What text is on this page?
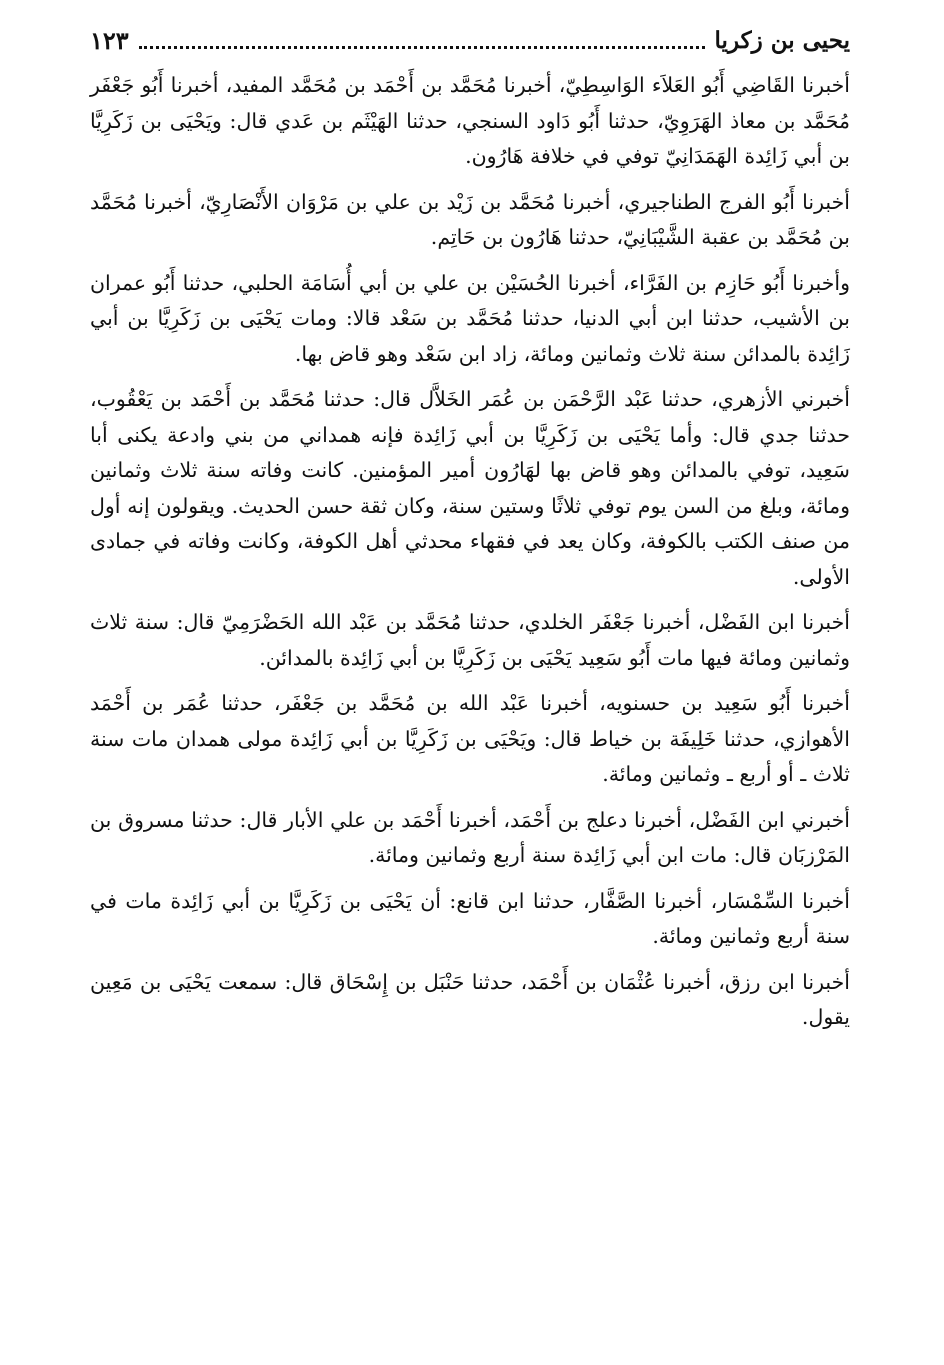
يحيى بن زكريا
١٢٣

أخبرنا القَاضِي أَبُو العَلاَء الوَاسِطِيّ، أخبرنا مُحَمَّد بن أَحْمَد بن مُحَمَّد المفيد، أخبرنا أَبُو جَعْفَر مُحَمَّد بن معاذ الهَرَوِيّ، حدثنا أَبُو دَاود السنجي، حدثنا الهَيْثَم بن عَدي قال: ويَحْيَى بن زَكَرِيَّا بن أبي زَائِدة الهَمَدَانِيّ توفي في خلافة هَارُون.

أخبرنا أَبُو الفرج الطناجيري، أخبرنا مُحَمَّد بن زَيْد بن علي بن مَرْوَان الأَنْصَارِيّ، أخبرنا مُحَمَّد بن مُحَمَّد بن عقبة الشَّيْبَانِيّ، حدثنا هَارُون بن حَاتِم.

وأخبرنا أَبُو حَازِم بن الفَرَّاء، أخبرنا الحُسَيْن بن علي بن أبي أُسَامَة الحلبي، حدثنا أَبُو عمران بن الأشيب، حدثنا ابن أبي الدنيا، حدثنا مُحَمَّد بن سَعْد قالا: ومات يَحْيَى بن زَكَرِيَّا بن أبي زَائِدة بالمدائن سنة ثلاث وثمانين ومائة، زاد ابن سَعْد وهو قاض بها.

أخبرني الأزهري، حدثنا عَبْد الرَّحْمَن بن عُمَر الخَلاَّل قال: حدثنا مُحَمَّد بن أَحْمَد بن يَعْقُوب، حدثنا جدي قال: وأما يَحْيَى بن زَكَرِيَّا بن أبي زَائِدة فإنه همداني من بني وادعة يكنى أبا سَعِيد، توفي بالمدائن وهو قاض بها لهَارُون أمير المؤمنين. كانت وفاته سنة ثلاث وثمانين ومائة، وبلغ من السن يوم توفي ثلاثًا وستين سنة، وكان ثقة حسن الحديث. ويقولون إنه أول من صنف الكتب بالكوفة، وكان يعد في فقهاء محدثي أهل الكوفة، وكانت وفاته في جمادى الأولى.

أخبرنا ابن الفَضْل، أخبرنا جَعْفَر الخلدي، حدثنا مُحَمَّد بن عَبْد الله الحَضْرَمِيّ قال: سنة ثلاث وثمانين ومائة فيها مات أَبُو سَعِيد يَحْيَى بن زَكَرِيَّا بن أبي زَائِدة بالمدائن.

أخبرنا أَبُو سَعِيد بن حسنويه، أخبرنا عَبْد الله بن مُحَمَّد بن جَعْفَر، حدثنا عُمَر بن أَحْمَد الأهوازي، حدثنا خَلِيفَة بن خياط قال: ويَحْيَى بن زَكَرِيَّا بن أبي زَائِدة مولى همدان مات سنة ثلاث ـ أو أربع ـ وثمانين ومائة.

أخبرني ابن الفَضْل، أخبرنا دعلج بن أَحْمَد، أخبرنا أَحْمَد بن علي الأبار قال: حدثنا مسروق بن المَرْزبَان قال: مات ابن أبي زَائِدة سنة أربع وثمانين ومائة.

أخبرنا السِّمْسَار، أخبرنا الصَّفَّار، حدثنا ابن قانع: أن يَحْيَى بن زَكَرِيَّا بن أبي زَائِدة مات في سنة أربع وثمانين ومائة.

أخبرنا ابن رزق، أخبرنا عُثْمَان بن أَحْمَد، حدثنا حَنْبَل بن إِسْحَاق قال: سمعت يَحْيَى بن مَعِين يقول.
